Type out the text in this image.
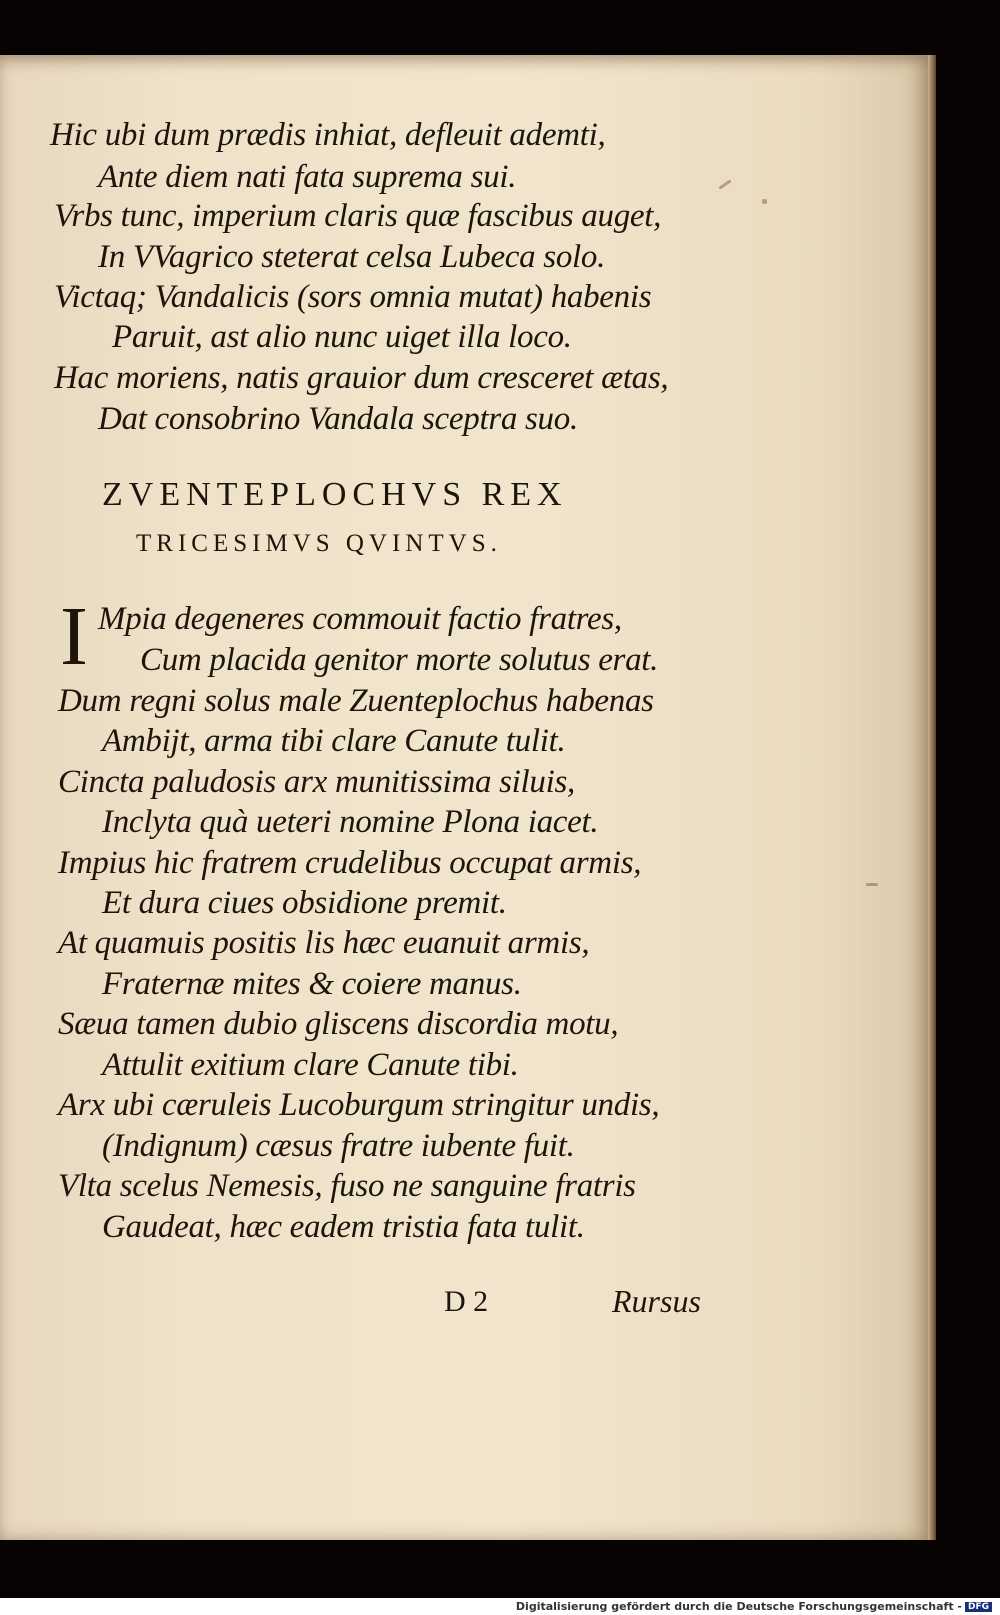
Hic ubi dum prædis inhiat, defleuit ademti,
Ante diem nati fata suprema sui.
Vrbs tunc, imperium claris quæ fascibus auget,
In VVagrico steterat celsa Lubeca solo.
Victaq; Vandalicis (sors omnia mutat) habenis
Paruit, ast alio nunc uiget illa loco.
Hac moriens, natis grauior dum cresceret ætas,
Dat consobrino Vandala sceptra suo.
ZVENTEPLOCHVS REX
TRICESIMVS QVINTVS.
I Mpia degeneres commouit factio fratres,
Cum placida genitor morte solutus erat.
Dum regni solus male Zuenteplochus habenas
Ambijt, arma tibi clare Canute tulit.
Cincta paludosis arx munitissima siluis,
Inclyta quà ueteri nomine Plona iacet.
Impius hic fratrem crudelibus occupat armis,
Et dura ciues obsidione premit.
At quamuis positis lis hæc euanuit armis,
Fraternæ mites & coiere manus.
Sæua tamen dubio gliscens discordia motu,
Attulit exitium clare Canute tibi.
Arx ubi cæruleis Lucoburgum stringitur undis,
(Indignum) cæsus fratre iubente fuit.
Vlta scelus Nemesis, fuso ne sanguine fratris
Gaudeat, hæc eadem tristia fata tulit.
D 2	Rursus
Digitalisierung gefördert durch die Deutsche Forschungsgemeinschaft - DFG
